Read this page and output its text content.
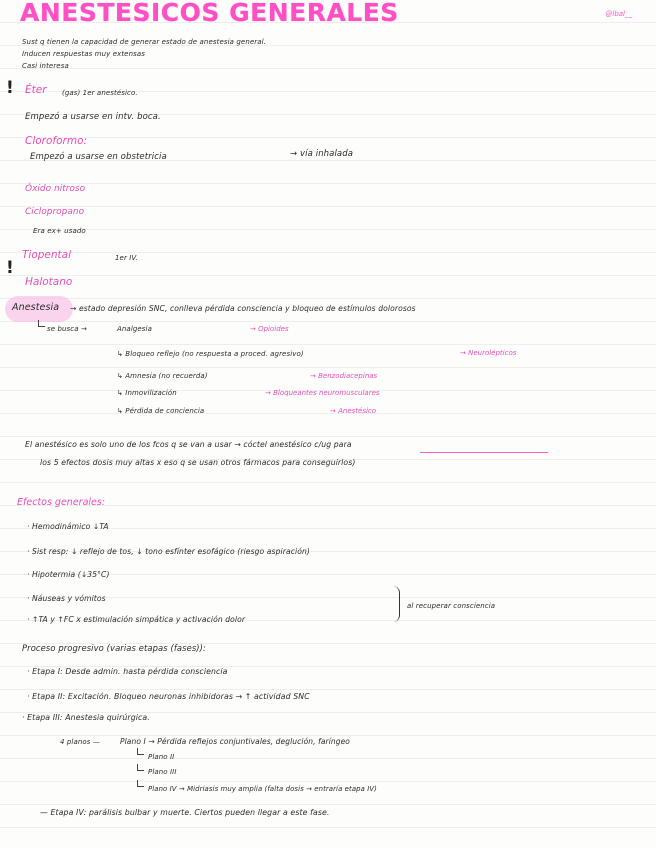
ANESTESICOS GENERALES	@lbal__
Sust q tienen la capacidad de generar estado de anestesia general.
Inducen respuestas muy extensas
Casi interesa
! Éter (gas) 1er anestésico.
Empezó a usarse en intv. boca.
Cloroformo:
Empezó a usarse en obstetricia	→ vía inhalada
Óxido nitroso
Ciclopropano
Era ex+ usado
!
Tiopental	1er IV.
Halotano
Anestesia → estado depresión SNC, conlleva pérdida consciencia y bloqueo de estímulos dolorosos
se busca →	Analgesia	→ Opioides
↳ Bloqueo reflejo (no respuesta a proced. agresivo)	→ Neurolépticos
↳ Amnesia (no recuerda)	→ Benzodiacepinas
↳ Inmovilización	→ Bloqueantes neuromusculares
↳ Pérdida de conciencia	→ Anestésico
El anestésico es solo uno de los fcos q se van a usar → cóctel anestésico c/ug para
los 5 efectos dosis muy altas x eso q se usan otros fármacos para conseguirlos)
Efectos generales:
· Hemodinámico ↓TA
· Sist resp: ↓ reflejo de tos, ↓ tono esfínter esofágico (riesgo aspiración)
· Hipotermia (↓35°C)
· Náuseas y vómitos
· ↑TA y ↑FC x estimulación simpática y activación dolor
al recuperar consciencia
Proceso progresivo (varias etapas (fases)):
· Etapa I: Desde admin. hasta pérdida consciencia
· Etapa II: Excitación. Bloqueo neuronas inhibidoras → ↑ actividad SNC
· Etapa III: Anestesia quirúrgica.
4 planos —	Plano I → Pérdida reflejos conjuntivales, deglución, faríngeo
Plano II
Plano III
Plano IV → Midriasis muy amplia (falta dosis → entraría etapa IV)
— Etapa IV: parálisis bulbar y muerte. Ciertos pueden llegar a este fase.
